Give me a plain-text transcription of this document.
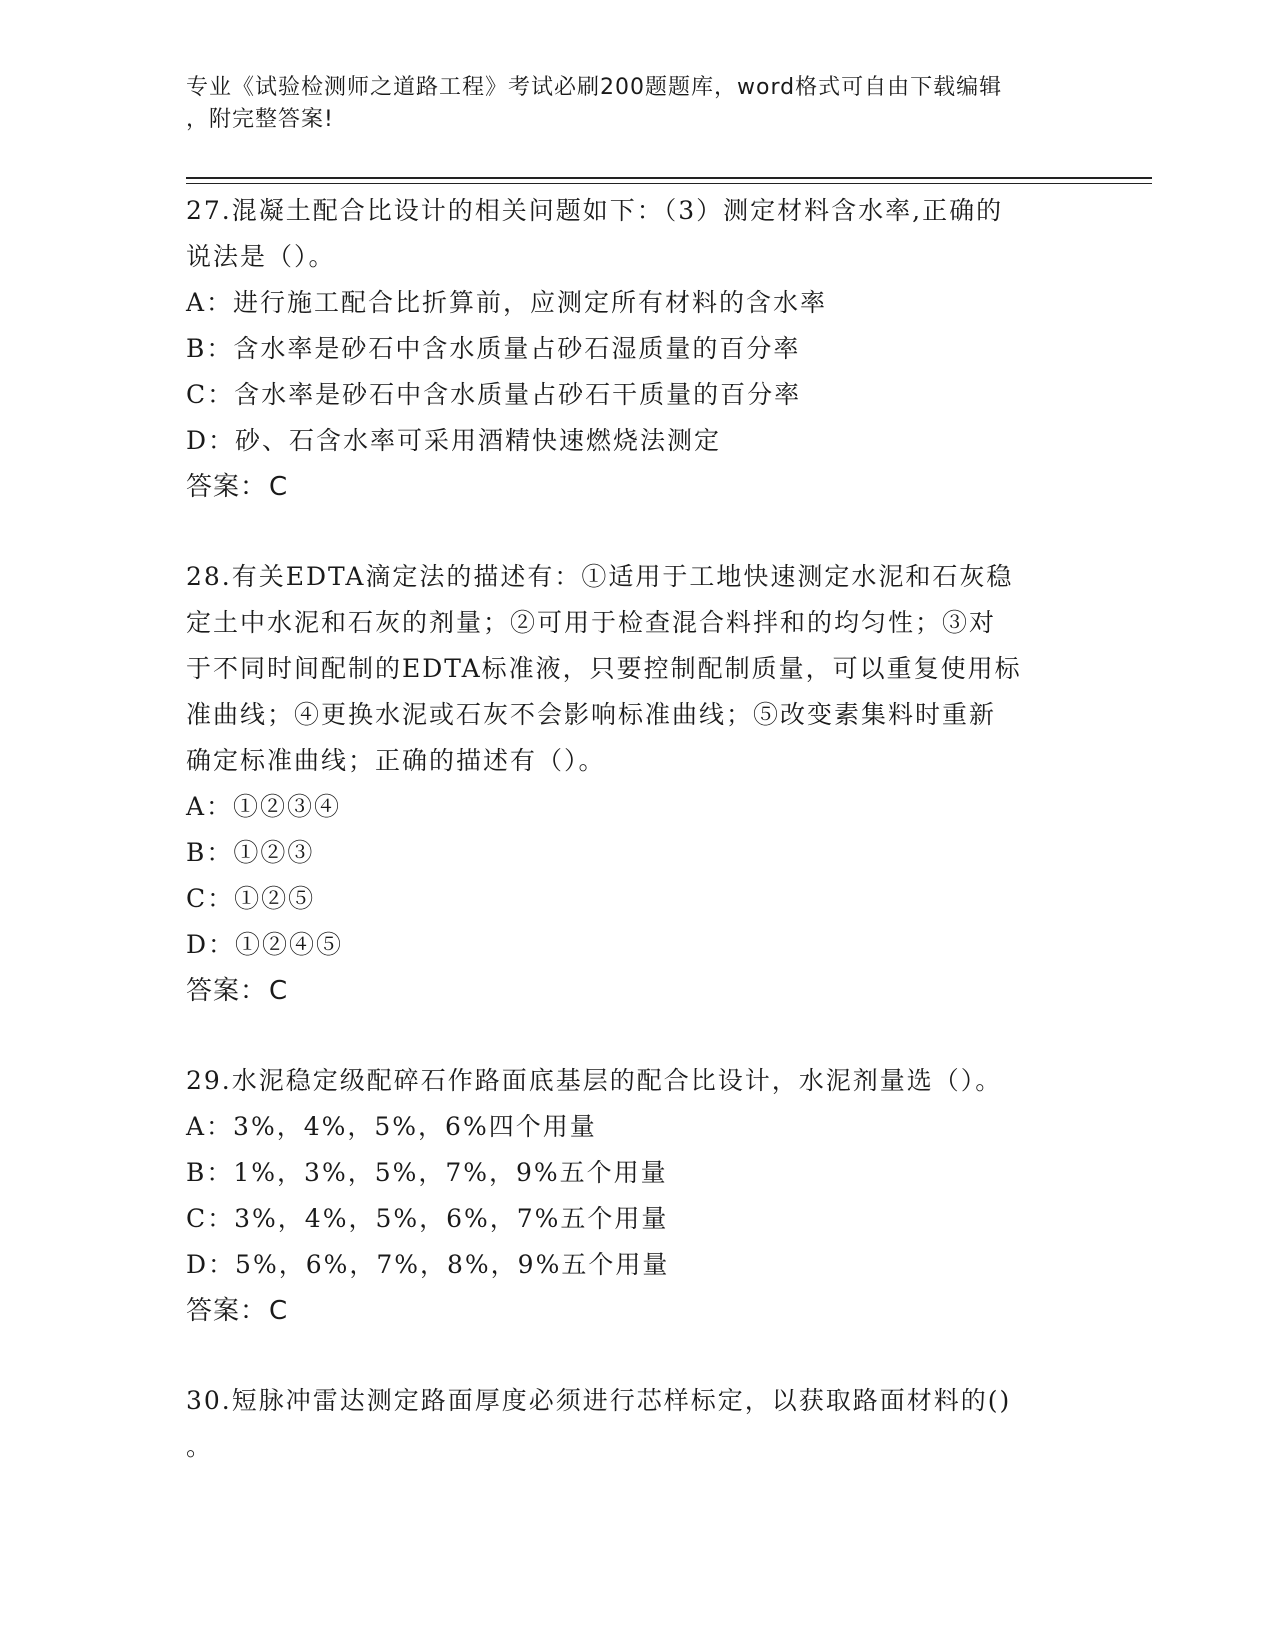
专业《试验检测师之道路工程》考试必刷200题题库，word格式可自由下载编辑
，附完整答案!
27.混凝土配合比设计的相关问题如下：（3）测定材料含水率,正确的
说法是（）。
A：进行施工配合比折算前，应测定所有材料的含水率
B：含水率是砂石中含水质量占砂石湿质量的百分率
C：含水率是砂石中含水质量占砂石干质量的百分率
D：砂、石含水率可采用酒精快速燃烧法测定
答案：C
28.有关EDTA滴定法的描述有：①适用于工地快速测定水泥和石灰稳
定土中水泥和石灰的剂量；②可用于检查混合料拌和的均匀性；③对
于不同时间配制的EDTA标准液，只要控制配制质量，可以重复使用标
准曲线；④更换水泥或石灰不会影响标准曲线；⑤改变素集料时重新
确定标准曲线；正确的描述有（）。
A：①②③④
B：①②③
C：①②⑤
D：①②④⑤
答案：C
29.水泥稳定级配碎石作路面底基层的配合比设计，水泥剂量选（）。
A：3%，4%，5%，6%四个用量
B：1%，3%，5%，7%，9%五个用量
C：3%，4%，5%，6%，7%五个用量
D：5%，6%，7%，8%，9%五个用量
答案：C
30.短脉冲雷达测定路面厚度必须进行芯样标定，以获取路面材料的()
。
